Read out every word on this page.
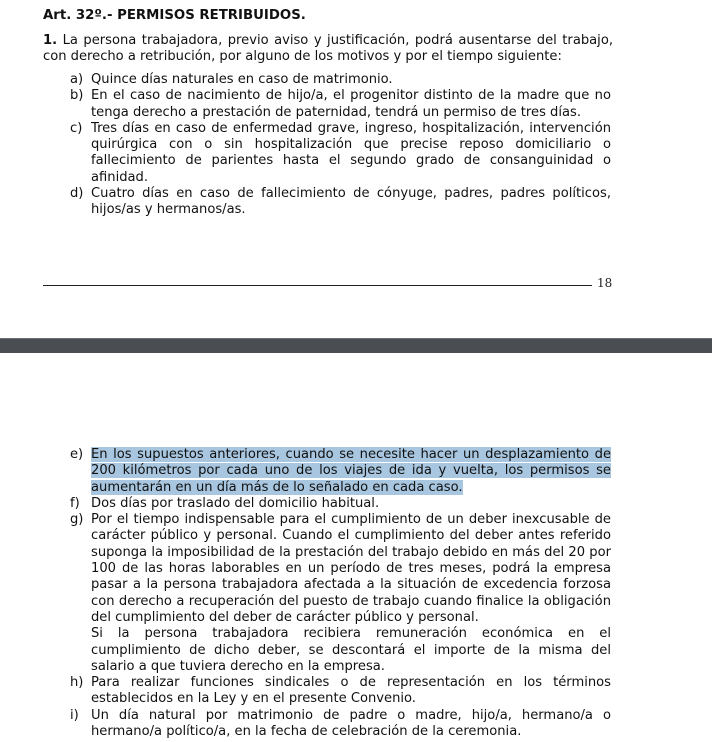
Art. 32º.- PERMISOS RETRIBUIDOS.
1. La persona trabajadora, previo aviso y justificación, podrá ausentarse del trabajo, con derecho a retribución, por alguno de los motivos y por el tiempo siguiente:
a) Quince días naturales en caso de matrimonio.
b) En el caso de nacimiento de hijo/a, el progenitor distinto de la madre que no tenga derecho a prestación de paternidad, tendrá un permiso de tres días.
c) Tres días en caso de enfermedad grave, ingreso, hospitalización, intervención quirúrgica con o sin hospitalización que precise reposo domiciliario o fallecimiento de parientes hasta el segundo grado de consanguinidad o afinidad.
d) Cuatro días en caso de fallecimiento de cónyuge, padres, padres políticos, hijos/as y hermanos/as.
18
e) En los supuestos anteriores, cuando se necesite hacer un desplazamiento de 200 kilómetros por cada uno de los viajes de ida y vuelta, los permisos se aumentarán en un día más de lo señalado en cada caso.
f) Dos días por traslado del domicilio habitual.
g) Por el tiempo indispensable para el cumplimiento de un deber inexcusable de carácter público y personal. Cuando el cumplimiento del deber antes referido suponga la imposibilidad de la prestación del trabajo debido en más del 20 por 100 de las horas laborables en un período de tres meses, podrá la empresa pasar a la persona trabajadora afectada a la situación de excedencia forzosa con derecho a recuperación del puesto de trabajo cuando finalice la obligación del cumplimiento del deber de carácter público y personal.
Si la persona trabajadora recibiera remuneración económica en el cumplimiento de dicho deber, se descontará el importe de la misma del salario a que tuviera derecho en la empresa.
h) Para realizar funciones sindicales o de representación en los términos establecidos en la Ley y en el presente Convenio.
i) Un día natural por matrimonio de padre o madre, hijo/a, hermano/a o hermano/a político/a, en la fecha de celebración de la ceremonia.
